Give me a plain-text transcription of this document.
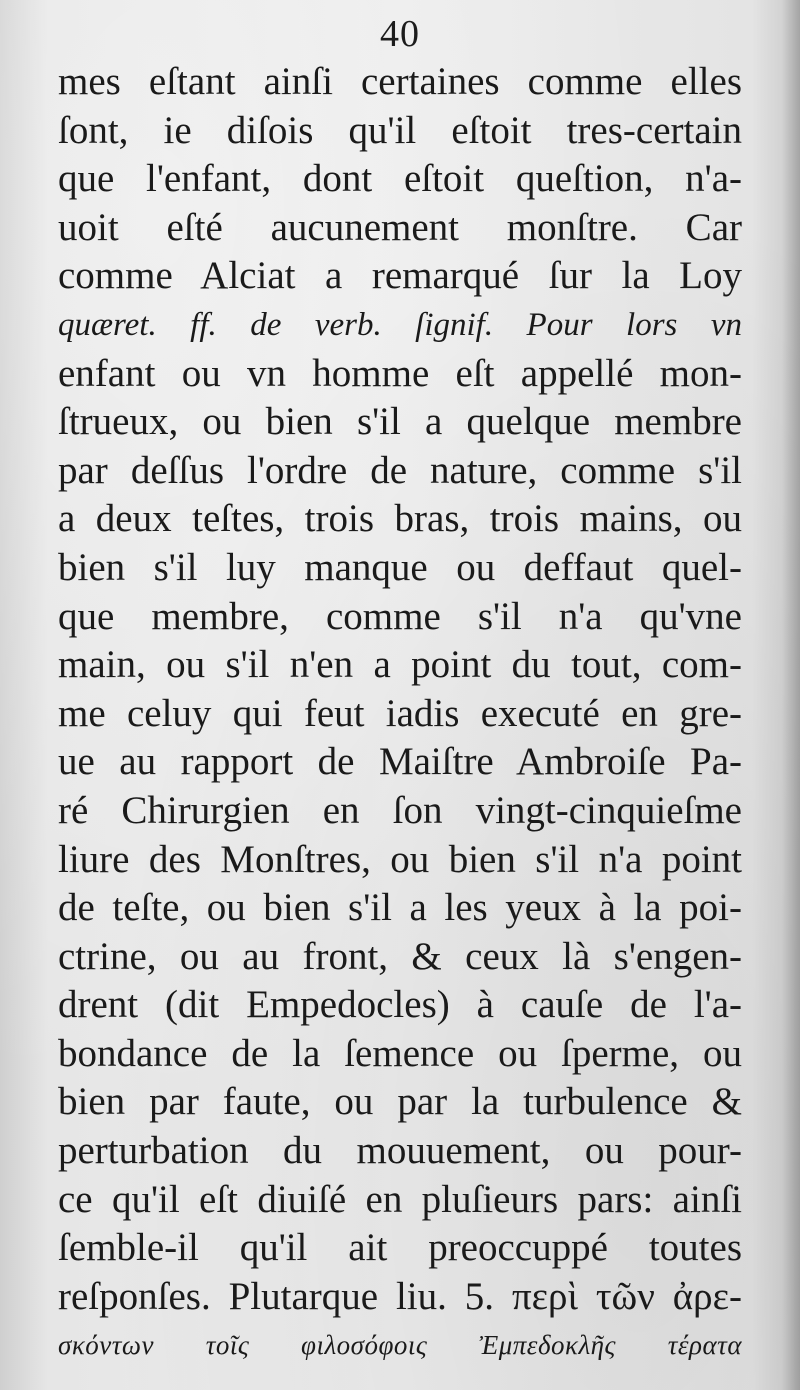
40
mes eſtant ainſi certaines comme elles
ſont, ie diſois qu'il eſtoit tres-certain
que l'enfant, dont eſtoit queſtion, n'a-
uoit eſté aucunement monſtre. Car
comme Alciat a remarqué ſur la Loy
quæret. ff. de verb. ſignif. Pour lors vn
enfant ou vn homme eſt appellé mon-
ſtrueux, ou bien s'il a quelque membre
par deſſus l'ordre de nature, comme s'il
a deux teſtes, trois bras, trois mains, ou
bien s'il luy manque ou deffaut quel-
que membre, comme s'il n'a qu'vne
main, ou s'il n'en a point du tout, com-
me celuy qui feut iadis executé en gre-
ue au rapport de Maiſtre Ambroiſe Pa-
ré Chirurgien en ſon vingt-cinquieſme
liure des Monſtres, ou bien s'il n'a point
de teſte, ou bien s'il a les yeux à la poi-
ctrine, ou au front, & ceux là s'engen-
drent (dit Empedocles) à cauſe de l'a-
bondance de la ſemence ou ſperme, ou
bien par faute, ou par la turbulence &
perturbation du mouuement, ou pour-
ce qu'il eſt diuiſé en pluſieurs pars: ainſi
ſemble-il qu'il ait preoccuppé toutes
reſponſes. Plutarque liu. 5. περὶ τῶν ἀρε-
σκόντων τοῖς φιλοσόφοις Ἐμπεδοκλῆς τέρατα
